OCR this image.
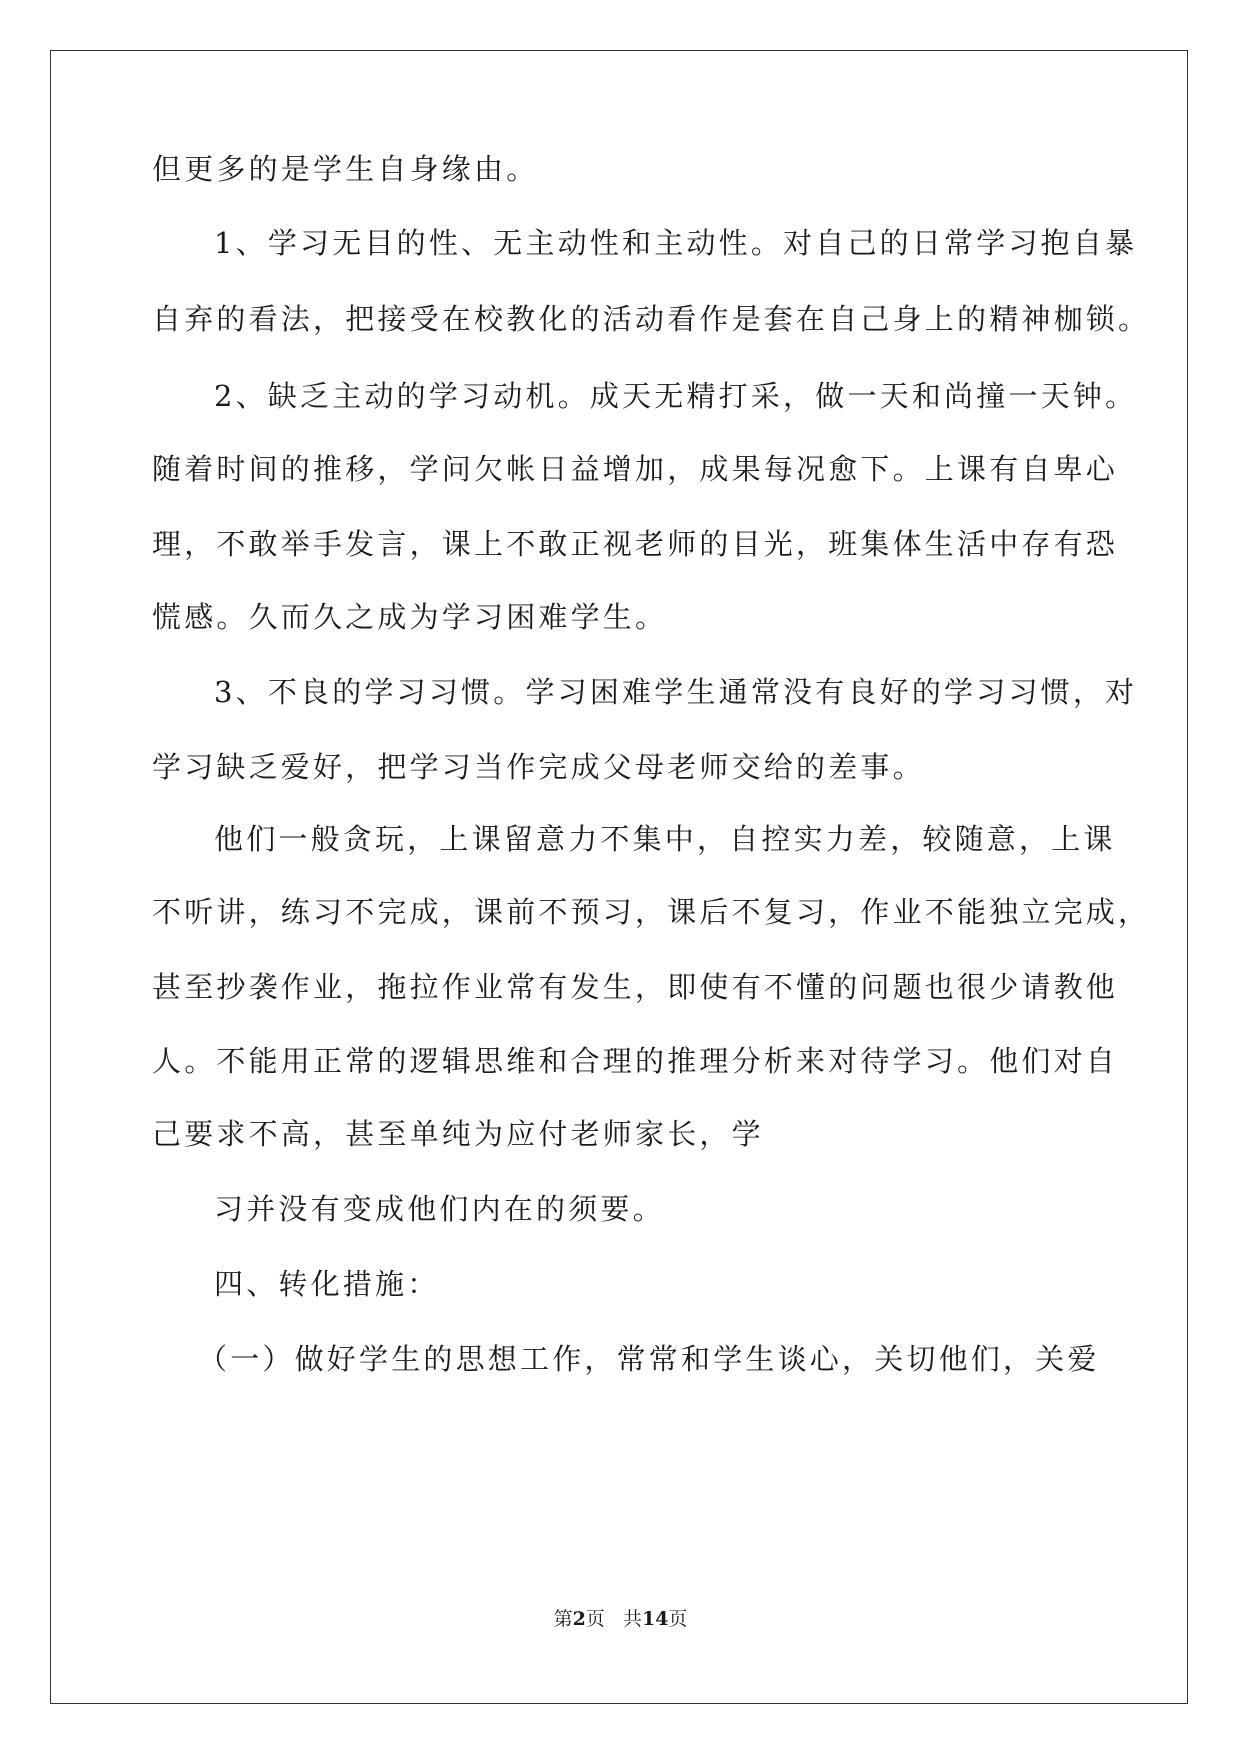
但更多的是学生自身缘由。
1、学习无目的性、无主动性和主动性。对自己的日常学习抱自暴
自弃的看法，把接受在校教化的活动看作是套在自己身上的精神枷锁。
2、缺乏主动的学习动机。成天无精打采，做一天和尚撞一天钟。
随着时间的推移，学问欠帐日益增加，成果每况愈下。上课有自卑心
理，不敢举手发言，课上不敢正视老师的目光，班集体生活中存有恐
慌感。久而久之成为学习困难学生。
3、不良的学习习惯。学习困难学生通常没有良好的学习习惯，对
学习缺乏爱好，把学习当作完成父母老师交给的差事。
他们一般贪玩，上课留意力不集中，自控实力差，较随意，上课
不听讲，练习不完成，课前不预习，课后不复习，作业不能独立完成，
甚至抄袭作业，拖拉作业常有发生，即使有不懂的问题也很少请教他
人。不能用正常的逻辑思维和合理的推理分析来对待学习。他们对自
己要求不高，甚至单纯为应付老师家长，学
习并没有变成他们内在的须要。
四、转化措施：
（一）做好学生的思想工作，常常和学生谈心，关切他们，关爱
第2页 共14页
